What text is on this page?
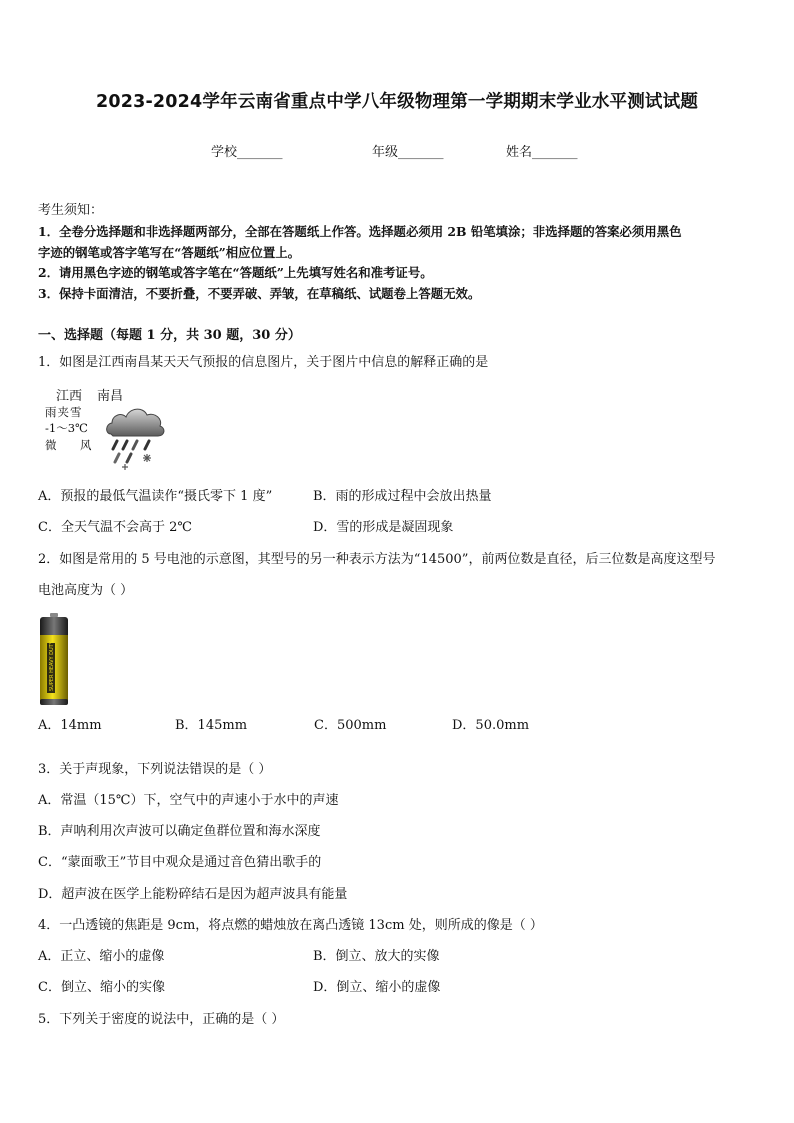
2023-2024学年云南省重点中学八年级物理第一学期期末学业水平测试试题
学校_______	年级_______	姓名_______
考生须知：
1．全卷分选择题和非选择题两部分，全部在答题纸上作答。选择题必须用 2B 铅笔填涂；非选择题的答案必须用黑色
字迹的钢笔或答字笔写在“答题纸”相应位置上。
2．请用黑色字迹的钢笔或答字笔在“答题纸”上先填写姓名和准考证号。
3．保持卡面清洁，不要折叠，不要弄破、弄皱，在草稿纸、试题卷上答题无效。
一、选择题（每题 1 分，共 30 题，30 分）
1．如图是江西南昌某天天气预报的信息图片，关于图片中信息的解释正确的是
江西 南昌
雨夹雪
-1～3℃
微 风
A．预报的最低气温读作“摄氏零下 1 度”	B．雨的形成过程中会放出热量
C．全天气温不会高于 2℃	D．雪的形成是凝固现象
2．如图是常用的 5 号电池的示意图，其型号的另一种表示方法为“14500”，前两位数是直径，后三位数是高度这型号
电池高度为（ ）
SUPER HEAVY DUTY
A．14mm	B．145mm	C．500mm	D．50.0mm
3．关于声现象，下列说法错误的是（ ）
A．常温（15℃）下，空气中的声速小于水中的声速
B．声呐利用次声波可以确定鱼群位置和海水深度
C．“蒙面歌王”节目中观众是通过音色猜出歌手的
D．超声波在医学上能粉碎结石是因为超声波具有能量
4．一凸透镜的焦距是 9cm，将点燃的蜡烛放在离凸透镜 13cm 处，则所成的像是（ ）
A．正立、缩小的虚像	B．倒立、放大的实像
C．倒立、缩小的实像	D．倒立、缩小的虚像
5．下列关于密度的说法中，正确的是（ ）
